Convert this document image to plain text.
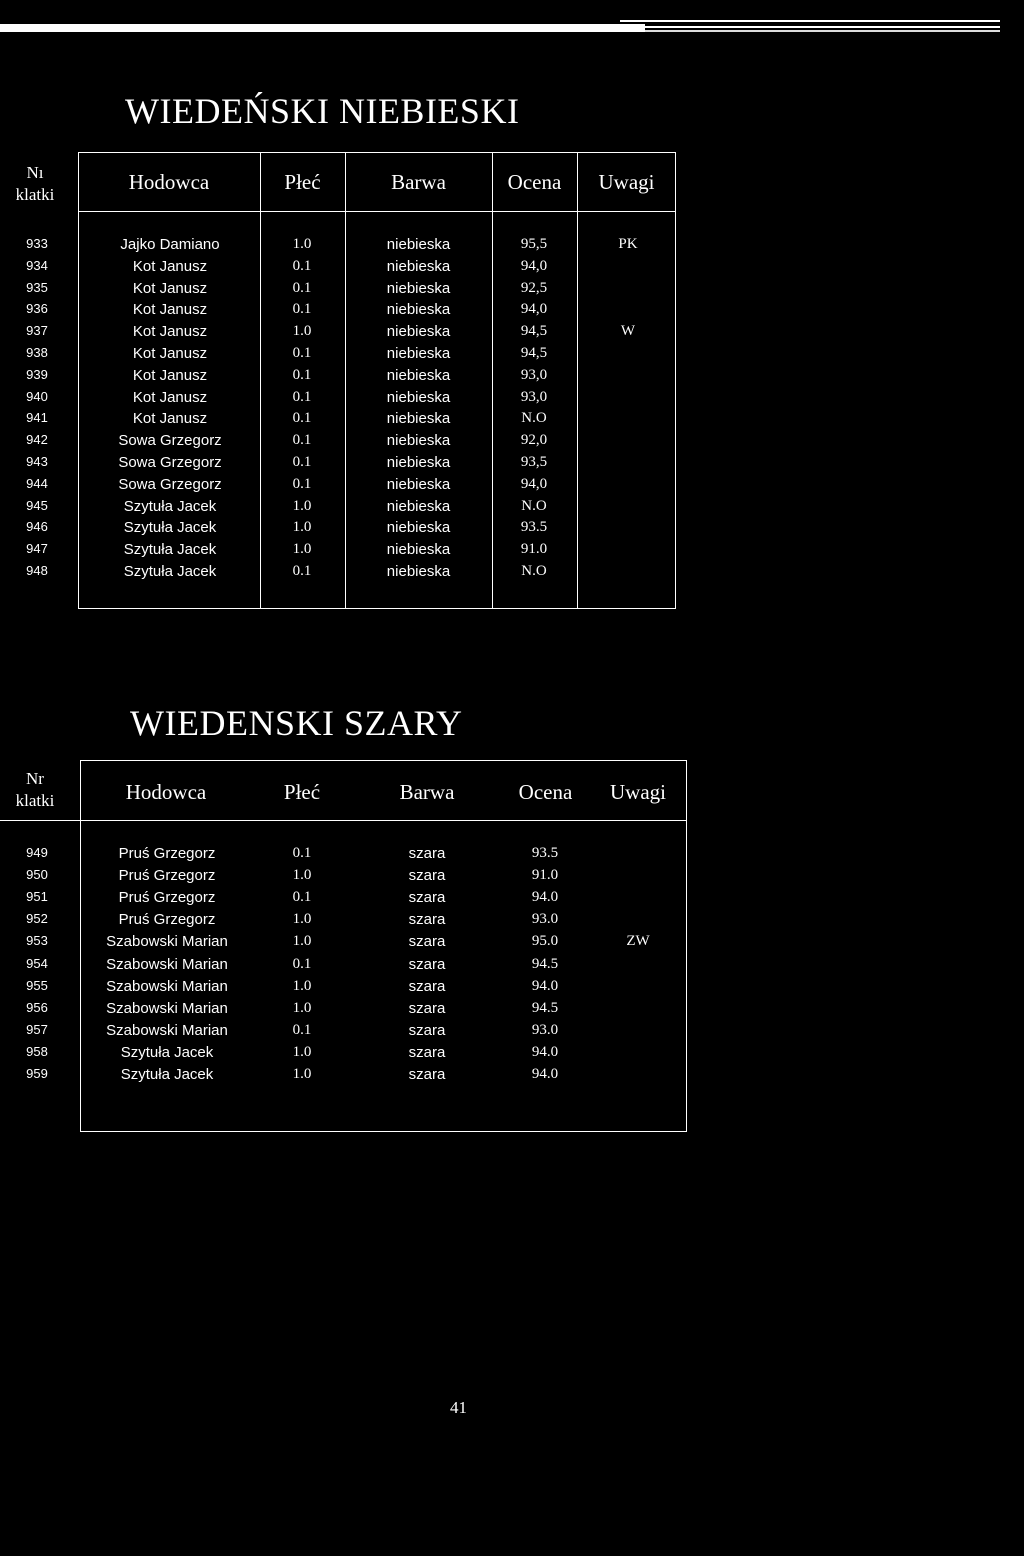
WIEDEŃSKI NIEBIESKI
Nı
klatki
Hodowca	Płeć	Barwa	Ocena	Uwagi
933	Jajko Damiano	1.0	niebieska	95,5	PK
934	Kot Janusz	0.1	niebieska	94,0
935	Kot Janusz	0.1	niebieska	92,5
936	Kot Janusz	0.1	niebieska	94,0
937	Kot Janusz	1.0	niebieska	94,5	W
938	Kot Janusz	0.1	niebieska	94,5
939	Kot Janusz	0.1	niebieska	93,0
940	Kot Janusz	0.1	niebieska	93,0
941	Kot Janusz	0.1	niebieska	N.O
942	Sowa Grzegorz	0.1	niebieska	92,0
943	Sowa Grzegorz	0.1	niebieska	93,5
944	Sowa Grzegorz	0.1	niebieska	94,0
945	Szytuła Jacek	1.0	niebieska	N.O
946	Szytuła Jacek	1.0	niebieska	93.5
947	Szytuła Jacek	1.0	niebieska	91.0
948	Szytuła Jacek	0.1	niebieska	N.O
WIEDENSKI SZARY
Nr
klatki	Hodowca	Płeć	Barwa	Ocena	Uwagi
949	Pruś Grzegorz	0.1	szara	93.5
950	Pruś Grzegorz	1.0	szara	91.0
951	Pruś Grzegorz	0.1	szara	94.0
952	Pruś Grzegorz	1.0	szara	93.0
953	Szabowski Marian	1.0	szara	95.0	ZW
954	Szabowski Marian	0.1	szara	94.5
955	Szabowski Marian	1.0	szara	94.0
956	Szabowski Marian	1.0	szara	94.5
957	Szabowski Marian	0.1	szara	93.0
958	Szytuła Jacek	1.0	szara	94.0
959	Szytuła Jacek	1.0	szara	94.0
41
